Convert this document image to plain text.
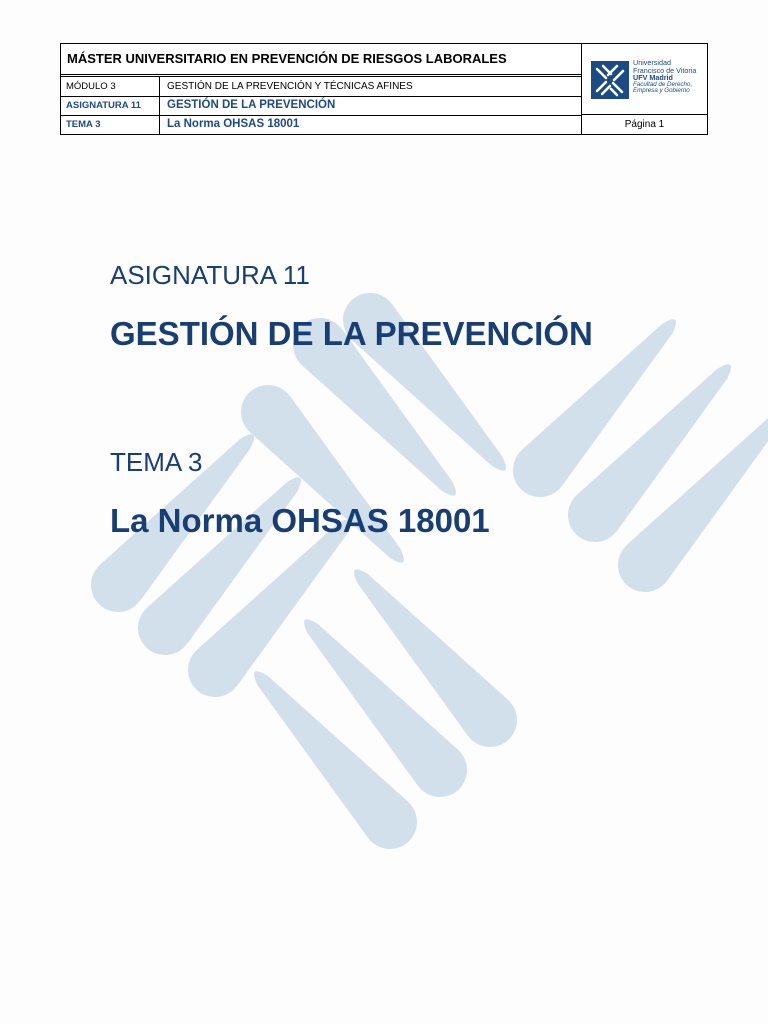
MÁSTER UNIVERSITARIO EN PREVENCIÓN DE RIESGOS LABORALES
MÓDULO 3	GESTIÓN DE LA PREVENCIÓN Y TÉCNICAS AFINES
ASIGNATURA 11	GESTIÓN DE LA PREVENCIÓN
TEMA 3	La Norma OHSAS 18001
Universidad
Francisco de Vitoria
UFV Madrid
Facultad de Derecho,
Empresa y Gobierno
Página 1
ASIGNATURA 11
GESTIÓN DE LA PREVENCIÓN
TEMA 3
La Norma OHSAS 18001
